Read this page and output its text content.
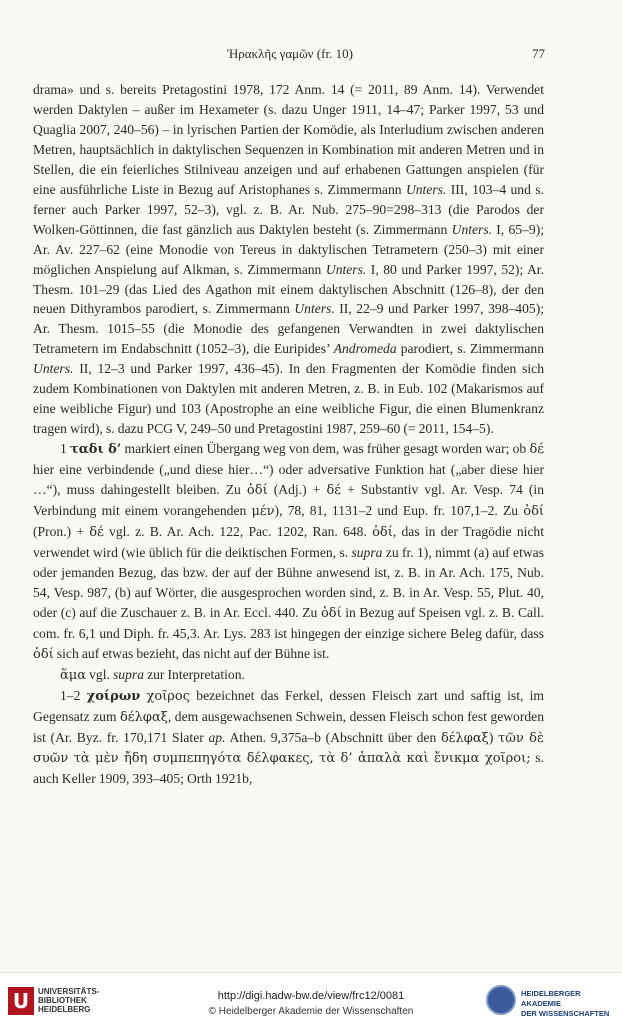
Ἡρακλῆς γαμῶν (fr. 10)	77

drama» und s. bereits Pretagostini 1978, 172 Anm. 14 (= 2011, 89 Anm. 14). Verwendet werden Daktylen – außer im Hexameter (s. dazu Unger 1911, 14–47; Parker 1997, 53 und Quaglia 2007, 240–56) – in lyrischen Partien der Komödie, als Interludium zwischen anderen Metren, hauptsächlich in daktylischen Sequenzen in Kombination mit anderen Metren und in Stellen, die ein feierliches Stilniveau anzeigen und auf erhabenen Gattungen anspielen (für eine ausführliche Liste in Bezug auf Aristophanes s. Zimmermann Unters. III, 103–4 und s. ferner auch Parker 1997, 52–3), vgl. z. B. Ar. Nub. 275–90=298–313 (die Parodos der Wolken-Göttinnen, die fast gänzlich aus Daktylen besteht (s. Zimmermann Unters. I, 65–9); Ar. Av. 227–62 (eine Monodie von Tereus in daktylischen Tetrametern (250–3) mit einer möglichen Anspielung auf Alkman, s. Zimmermann Unters. I, 80 und Parker 1997, 52); Ar. Thesm. 101–29 (das Lied des Agathon mit einem daktylischen Abschnitt (126–8), der den neuen Dithyrambos parodiert, s. Zimmermann Unters. II, 22–9 und Parker 1997, 398–405); Ar. Thesm. 1015–55 (die Monodie des gefangenen Verwandten in zwei daktylischen Tetrametern im Endabschnitt (1052–3), die Euripides’ Andromeda parodiert, s. Zimmermann Unters. II, 12–3 und Parker 1997, 436–45). In den Fragmenten der Komödie finden sich zudem Kombinationen von Daktylen mit anderen Metren, z. B. in Eub. 102 (Makarismos auf eine weibliche Figur) und 103 (Apostrophe an eine weibliche Figur, die einen Blumenkranz tragen wird), s. dazu PCG V, 249–50 und Pretagostini 1987, 259–60 (= 2011, 154–5).

1 ταδι δ’ markiert einen Übergang weg von dem, was früher gesagt worden war; ob δέ hier eine verbindende („und diese hier…“) oder adversative Funktion hat („aber diese hier …“), muss dahingestellt bleiben. Zu ὁδί (Adj.) + δέ + Substantiv vgl. Ar. Vesp. 74 (in Verbindung mit einem vorangehenden μέν), 78, 81, 1131–2 und Eup. fr. 107,1–2. Zu ὁδί (Pron.) + δέ vgl. z. B. Ar. Ach. 122, Pac. 1202, Ran. 648. ὁδί, das in der Tragödie nicht verwendet wird (wie üblich für die deiktischen Formen, s. supra zu fr. 1), nimmt (a) auf etwas oder jemanden Bezug, das bzw. der auf der Bühne anwesend ist, z. B. in Ar. Ach. 175, Nub. 54, Vesp. 987, (b) auf Wörter, die ausgesprochen worden sind, z. B. in Ar. Vesp. 55, Plut. 40, oder (c) auf die Zuschauer z. B. in Ar. Eccl. 440. Zu ὁδί in Bezug auf Speisen vgl. z. B. Call. com. fr. 6,1 und Diph. fr. 45,3. Ar. Lys. 283 ist hingegen der einzige sichere Beleg dafür, dass ὁδί sich auf etwas bezieht, das nicht auf der Bühne ist.

ἅμα vgl. supra zur Interpretation.

1–2 χοίρων χοῖρος bezeichnet das Ferkel, dessen Fleisch zart und saftig ist, im Gegensatz zum δέλφαξ, dem ausgewachsenen Schwein, dessen Fleisch schon fest geworden ist (Ar. Byz. fr. 170,171 Slater ap. Athen. 9,375a–b (Abschnitt über den δέλφαξ) τῶν δὲ συῶν τὰ μὲν ἤδη συμπεπηγότα δέλφακες, τὰ δ’ ἁπαλὰ καὶ ἔνικμα χοῖροι; s. auch Keller 1909, 393–405; Orth 1921b,

U	UNIVERSITÄTS-
BIBLIOTHEK
HEIDELBERG
http://digi.hadw-bw.de/view/frc12/0081
© Heidelberger Akademie der Wissenschaften
HEIDELBERGER AKADEMIE
DER WISSENSCHAFTEN
